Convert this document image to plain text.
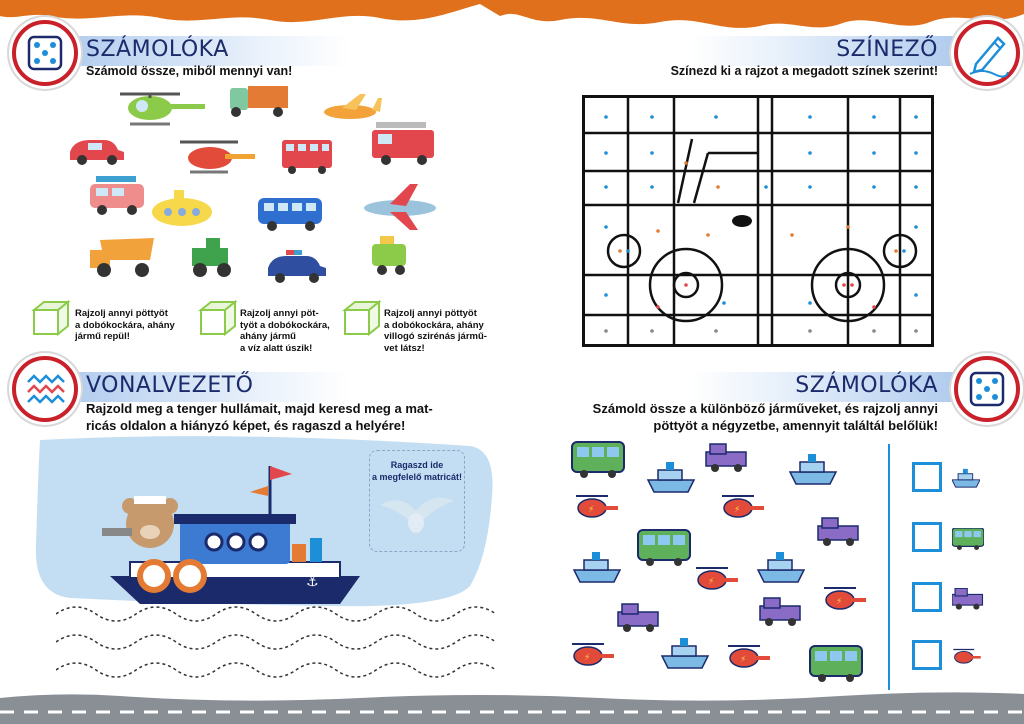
SZÁMOLÓKA
Számold össze, miből mennyi van!
Rajzolj annyi pöttyöt
a dobókockára, ahány
jármű repül!
Rajzolj annyi pöt-
työt a dobókockára,
ahány jármű
a víz alatt úszik!
Rajzolj annyi pöttyöt
a dobókockára, ahány
villogó szirénás jármű-
vet látsz!
SZÍNEZŐ
Színezd ki a rajzot a megadott színek szerint!
VONALVEZETŐ
Rajzold meg a tenger hullámait, majd keresd meg a mat-
ricás oldalon a hiányzó képet, és ragaszd a helyére!
⚓
Ragaszd ide
a megfelelő matricát!
SZÁMOLÓKA
Számold össze a különböző járműveket, és rajzolj annyi
pöttyöt a négyzetbe, amennyit találtál belőlük!
